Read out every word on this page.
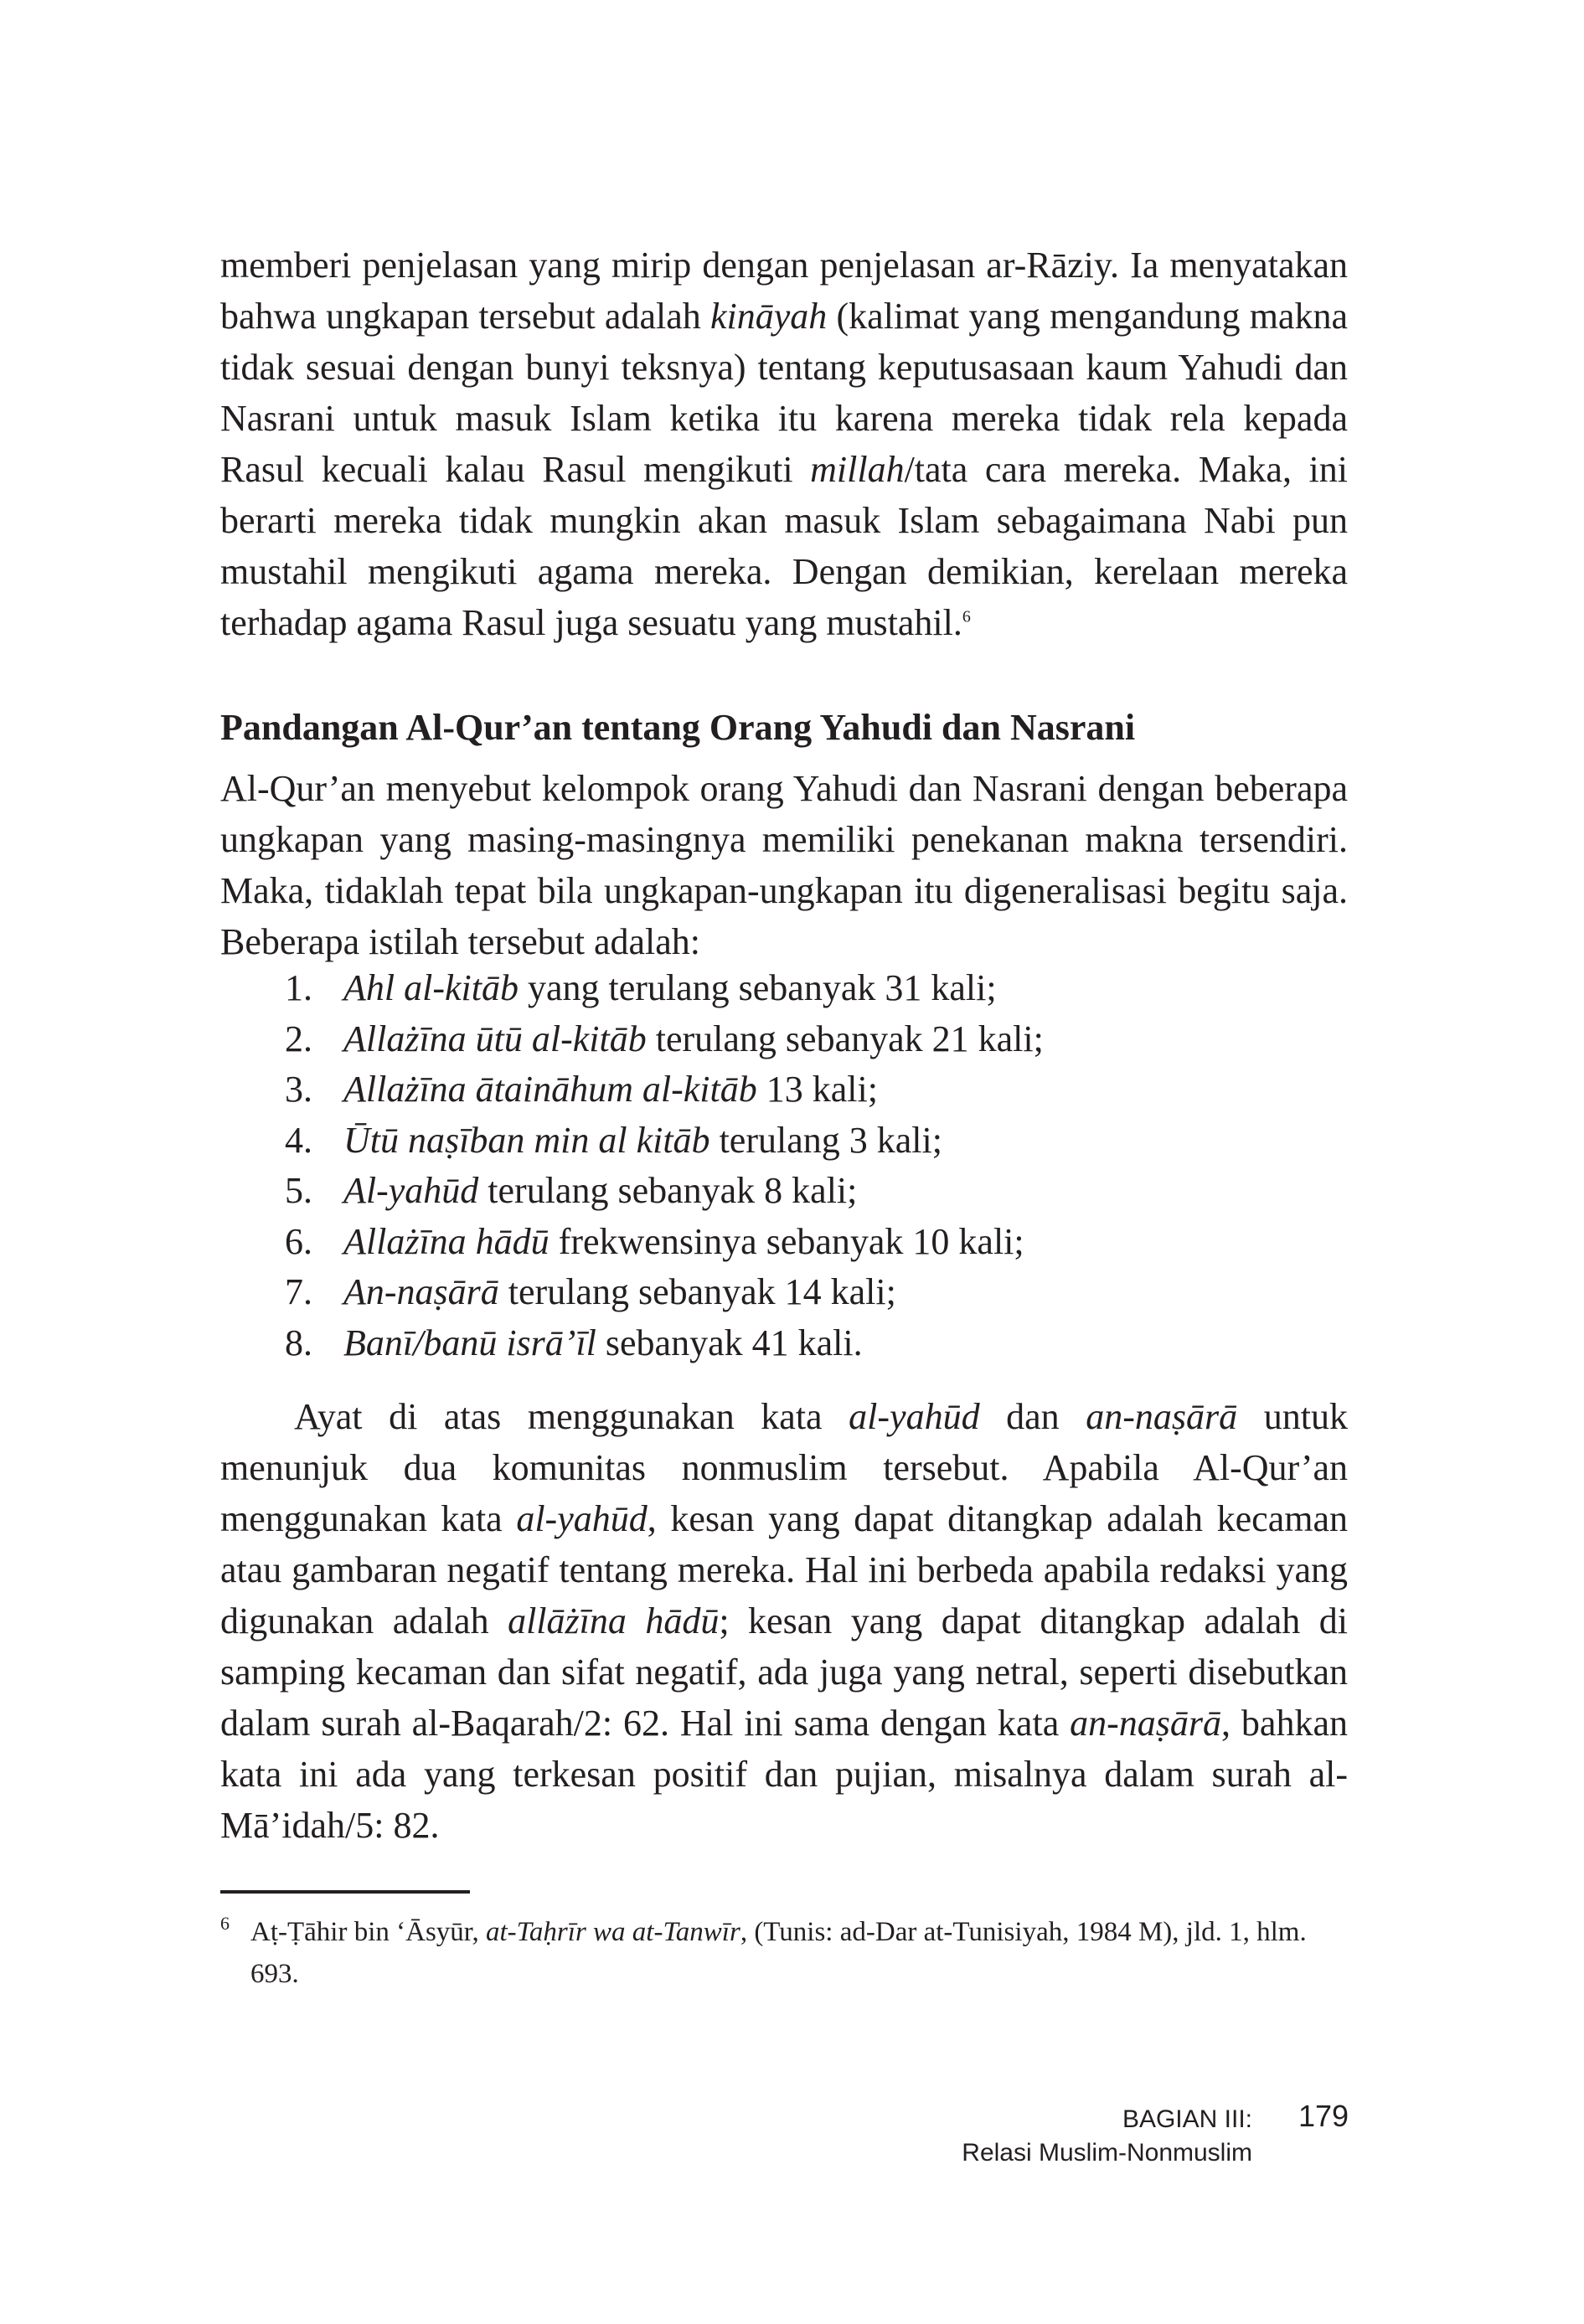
memberi penjelasan yang mirip dengan penjelasan ar-Rāziy. Ia menyatakan bahwa ungkapan tersebut adalah kināyah (kalimat yang mengandung makna tidak sesuai dengan bunyi teksnya) tentang keputusasaan kaum Yahudi dan Nasrani untuk masuk Islam ketika itu karena mereka tidak rela kepada Rasul kecuali kalau Rasul mengikuti millah/tata cara mereka. Maka, ini berarti mereka tidak mungkin akan masuk Islam sebagaimana Nabi pun mustahil mengikuti agama mereka. Dengan demikian, kerelaan mereka terhadap agama Rasul juga sesuatu yang mustahil.$^6$

Pandangan Al-Qur’an tentang Orang Yahudi dan Nasrani

Al-Qur’an menyebut kelompok orang Yahudi dan Nasrani dengan beberapa ungkapan yang masing-masingnya memiliki penekanan makna tersendiri. Maka, tidaklah tepat bila ungkapan-ungkapan itu digeneralisasi begitu saja. Beberapa istilah tersebut adalah:

1. Ahl al-kitāb yang terulang sebanyak 31 kali;
2. Allażīna ūtū al-kitāb terulang sebanyak 21 kali;
3. Allażīna ātaināhum al-kitāb 13 kali;
4. Ūtū naṣīban min al kitāb terulang 3 kali;
5. Al-yahūd terulang sebanyak 8 kali;
6. Allażīna hādū frekwensinya sebanyak 10 kali;
7. An-naṣārā terulang sebanyak 14 kali;
8. Banī/banū isrā’īl sebanyak 41 kali.

Ayat di atas menggunakan kata al-yahūd dan an-naṣārā untuk menunjuk dua komunitas nonmuslim tersebut. Apabila Al-Qur’an menggunakan kata al-yahūd, kesan yang dapat ditangkap adalah kecaman atau gambaran negatif tentang mereka. Hal ini berbeda apabila redaksi yang digunakan adalah allāżīna hādū; kesan yang dapat ditangkap adalah di samping kecaman dan sifat negatif, ada juga yang netral, seperti disebutkan dalam surah al-Baqarah/2: 62. Hal ini sama dengan kata an-naṣārā, bahkan kata ini ada yang terkesan positif dan pujian, misalnya dalam surah al-Mā’idah/5: 82.

6 Aṭ-Ṭāhir bin ‘Āsyūr, at-Taḥrīr wa at-Tanwīr, (Tunis: ad-Dar at-Tunisiyah, 1984 M), jld. 1, hlm. 693.

BAGIAN III:
Relasi Muslim-Nonmuslim
179
